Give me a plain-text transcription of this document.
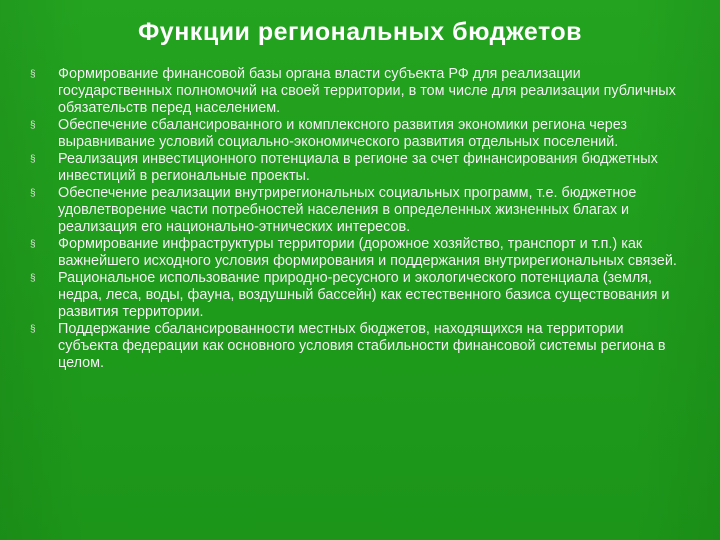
Функции региональных бюджетов
§ Формирование финансовой базы органа власти субъекта РФ для реализации государственных полномочий на своей территории, в том числе для реализации публичных обязательств перед населением.
§ Обеспечение сбалансированного и комплексного развития экономики региона через выравнивание условий социально-экономического развития отдельных поселений.
§ Реализация инвестиционного потенциала в регионе за счет финансирования бюджетных инвестиций в региональные проекты.
§ Обеспечение реализации внутрирегиональных социальных программ, т.е. бюджетное удовлетворение части потребностей населения в определенных жизненных благах и реализация его национально-этнических интересов.
§ Формирование инфраструктуры территории (дорожное хозяйство, транспорт и т.п.) как важнейшего исходного условия формирования и поддержания внутрирегиональных связей.
§ Рациональное использование природно-ресусного и экологического потенциала (земля, недра, леса, воды, фауна, воздушный бассейн) как естественного базиса существования и развития территории.
§ Поддержание сбалансированности местных бюджетов, находящихся на территории субъекта федерации как основного условия стабильности финансовой системы региона в целом.
